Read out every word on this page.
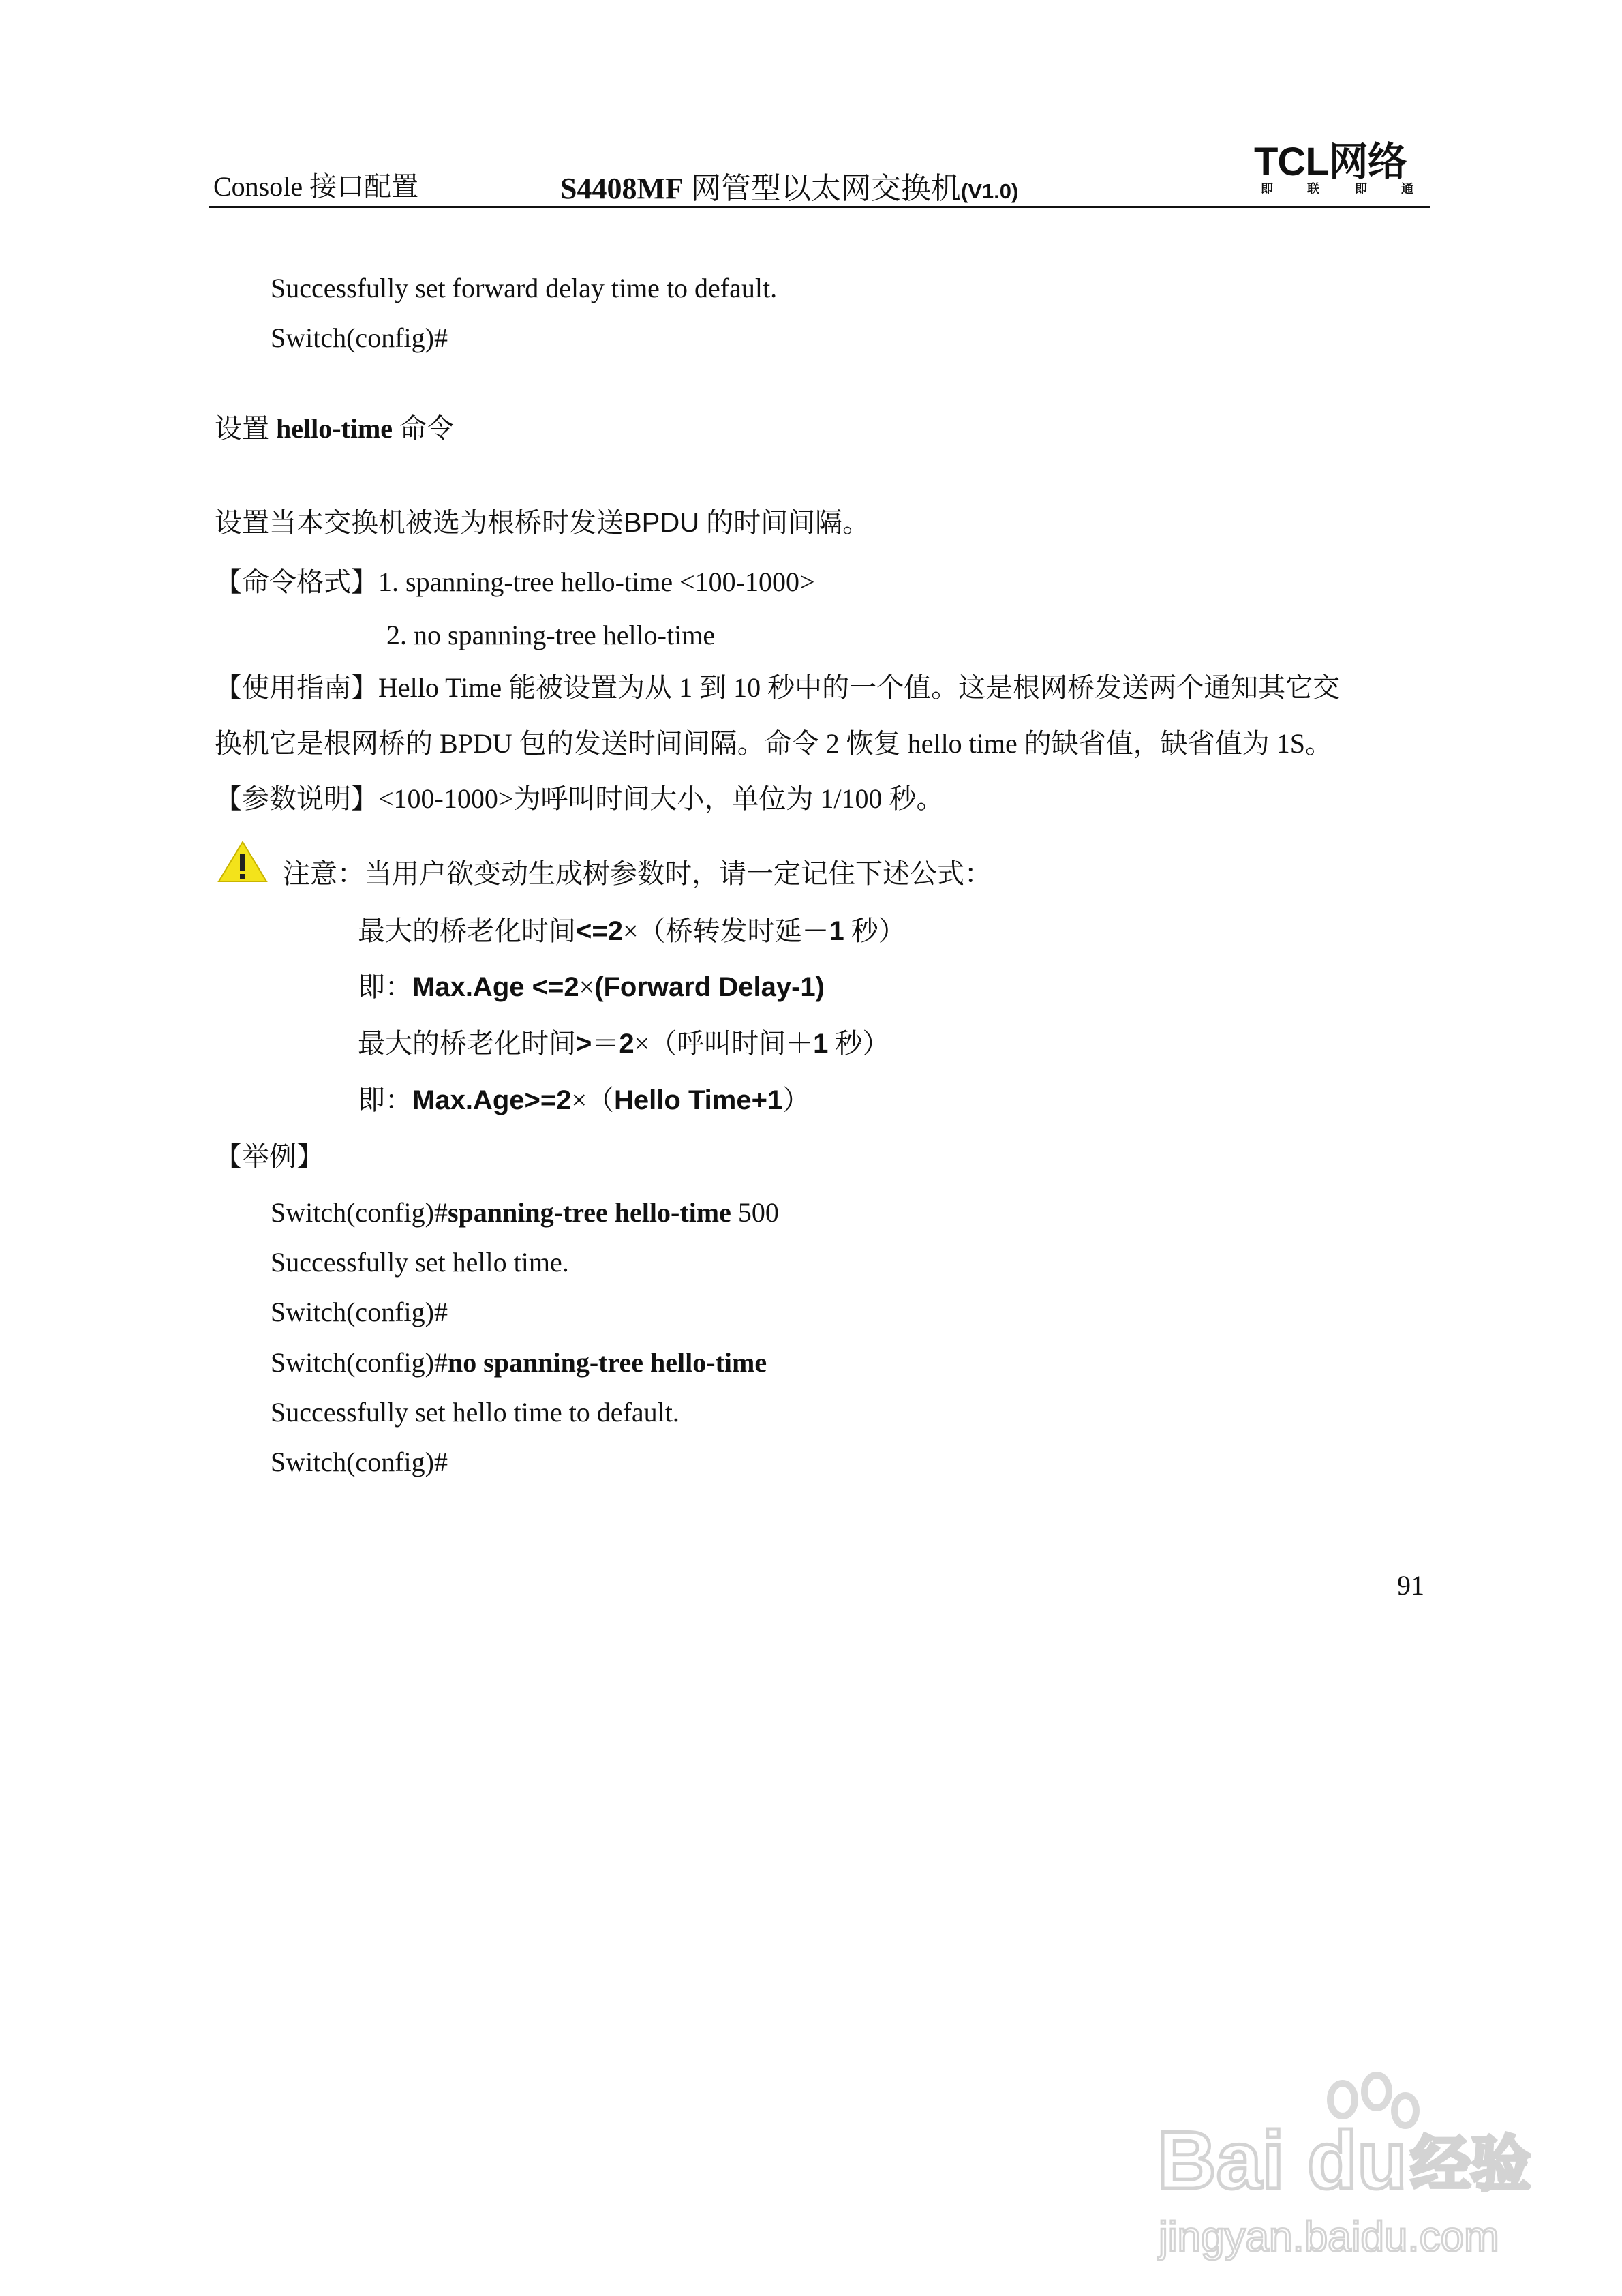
Console 接口配置	S4408MF 网管型以太网交换机(V1.0)
TCL网络
即	联	即	通
Successfully set forward delay time to default.
Switch(config)#
设置 hello-time 命令
设置当本交换机被选为根桥时发送BPDU 的时间间隔。
【命令格式】1. spanning-tree hello-time <100-1000>
2. no spanning-tree hello-time
【使用指南】Hello Time 能被设置为从 1 到 10 秒中的一个值。这是根网桥发送两个通知其它交
换机它是根网桥的 BPDU 包的发送时间间隔。命令 2 恢复 hello time 的缺省值，缺省值为 1S。
【参数说明】<100-1000>为呼叫时间大小，单位为 1/100 秒。
注意：当用户欲变动生成树参数时，请一定记住下述公式：
最大的桥老化时间<=2×（桥转发时延－1 秒）
即：Max.Age <=2×(Forward Delay-1)
最大的桥老化时间>＝2×（呼叫时间＋1 秒）
即：Max.Age>=2×（Hello Time+1）
【举例】
Switch(config)#spanning-tree hello-time 500
Successfully set hello time.
Switch(config)#
Switch(config)#no spanning-tree hello-time
Successfully set hello time to default.
Switch(config)#
91
Bai du 经验
jingyan.baidu.com
